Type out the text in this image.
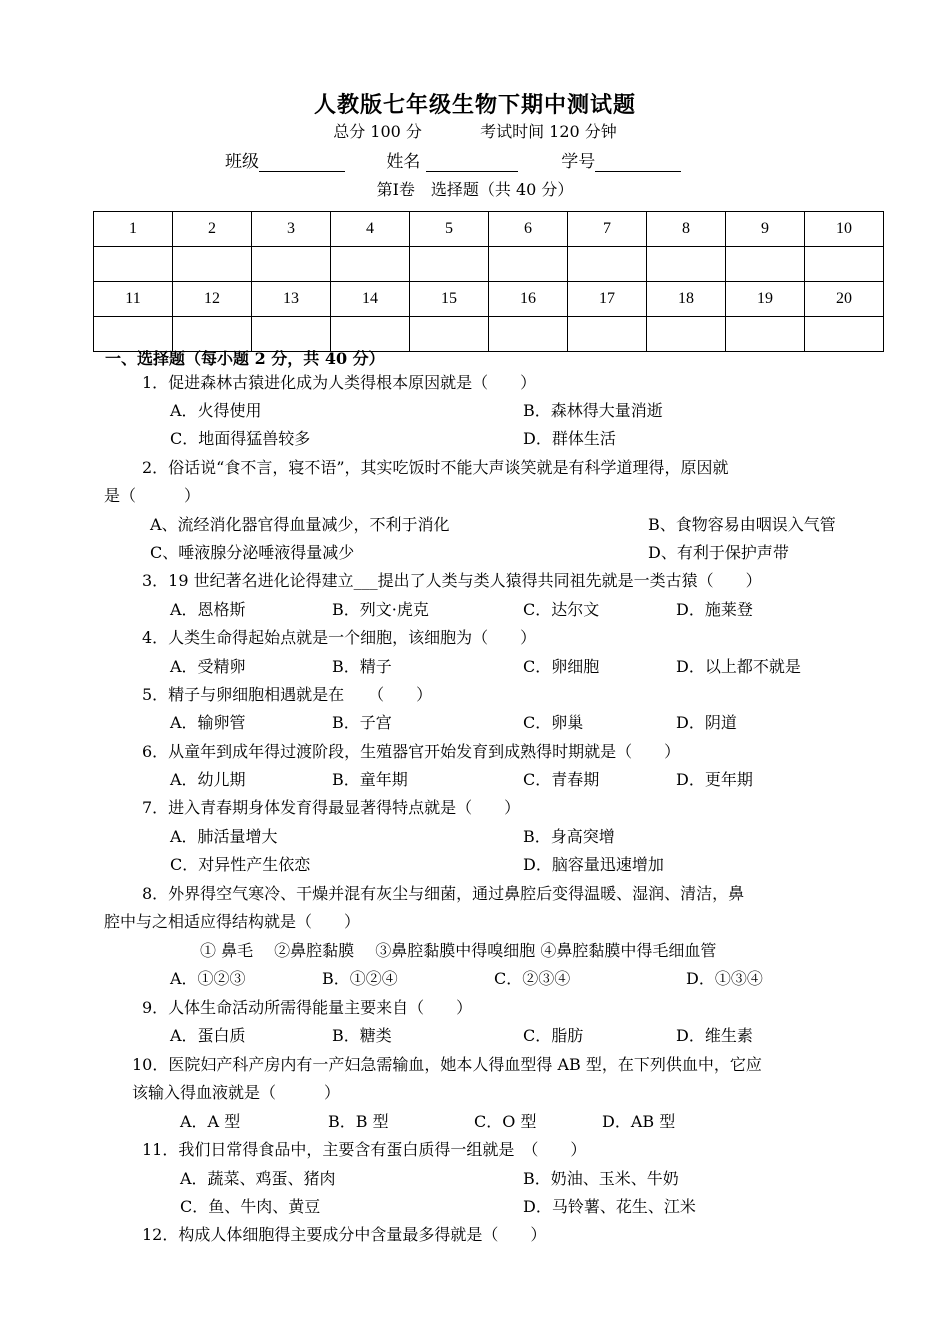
人教版七年级生物下期中测试题
总分 100 分	考试时间 120 分钟
班级	姓名	学号
第Ⅰ卷　选择题（共 40 分）
1	2	3	4	5	6	7	8	9	10

11	12	13	14	15	16	17	18	19	20

一、选择题（每小题 2 分，共 40 分）
1．促进森林古猿进化成为人类得根本原因就是（　　）
A．火得使用	B．森林得大量消逝
C．地面得猛兽较多	D．群体生活
2．俗话说“食不言，寝不语”，其实吃饭时不能大声谈笑就是有科学道理得，原因就
是（　　　）
A、流经消化器官得血量减少，不利于消化	B、食物容易由咽误入气管
C、唾液腺分泌唾液得量减少	D、有利于保护声带
3．19 世纪著名进化论得建立___提出了人类与类人猿得共同祖先就是一类古猿（　　）
A．恩格斯	B．列文·虎克	C．达尔文	D．施莱登
4．人类生命得起始点就是一个细胞，该细胞为（　　）
A．受精卵	B．精子	C．卵细胞	D．以上都不就是
5．精子与卵细胞相遇就是在　　（　　）
A．输卵管	B．子宫	C．卵巢	D．阴道
6．从童年到成年得过渡阶段，生殖器官开始发育到成熟得时期就是（　　）
A．幼儿期	B．童年期	C．青春期	D．更年期
7．进入青春期身体发育得最显著得特点就是（　　）
A．肺活量增大	B．身高突增
C．对异性产生依恋	D．脑容量迅速增加
8．外界得空气寒冷、干燥并混有灰尘与细菌，通过鼻腔后变得温暖、湿润、清洁，鼻
腔中与之相适应得结构就是（　　）
① 鼻毛　 ②鼻腔黏膜　 ③鼻腔黏膜中得嗅细胞 ④鼻腔黏膜中得毛细血管
A．①②③	B．①②④	C．②③④	D．①③④
9．人体生命活动所需得能量主要来自（　　）
A．蛋白质	B．糖类	C．脂肪	D．维生素
10．医院妇产科产房内有一产妇急需输血，她本人得血型得 AB 型，在下列供血中，它应
该输入得血液就是（　　　）
A．A 型	B．B 型	C．O 型	D．AB 型
11．我们日常得食品中，主要含有蛋白质得一组就是　（　　）
A．蔬菜、鸡蛋、猪肉	B．奶油、玉米、牛奶
C．鱼、牛肉、黄豆	D．马铃薯、花生、江米
12．构成人体细胞得主要成分中含量最多得就是（　　）
